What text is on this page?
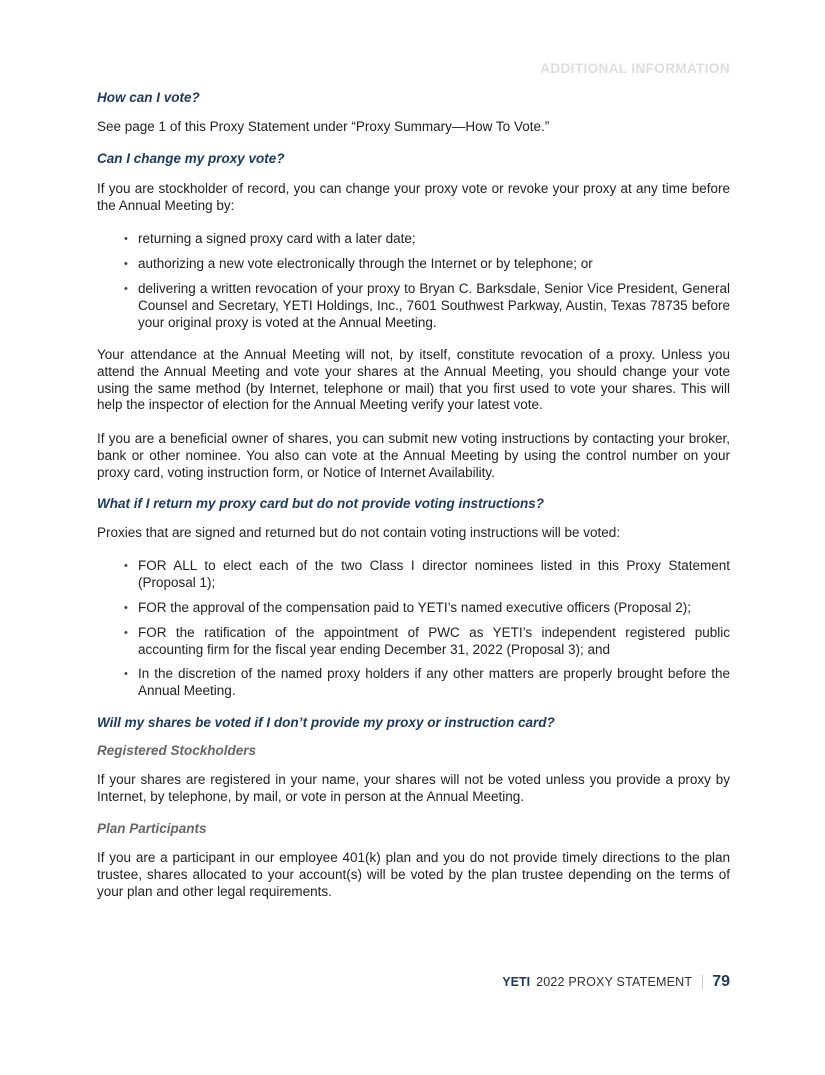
ADDITIONAL INFORMATION
How can I vote?

See page 1 of this Proxy Statement under “Proxy Summary—How To Vote.”

Can I change my proxy vote?

If you are stockholder of record, you can change your proxy vote or revoke your proxy at any time before the Annual Meeting by:

• returning a signed proxy card with a later date;
• authorizing a new vote electronically through the Internet or by telephone; or
• delivering a written revocation of your proxy to Bryan C. Barksdale, Senior Vice President, General Counsel and Secretary, YETI Holdings, Inc., 7601 Southwest Parkway, Austin, Texas 78735 before your original proxy is voted at the Annual Meeting.

Your attendance at the Annual Meeting will not, by itself, constitute revocation of a proxy. Unless you attend the Annual Meeting and vote your shares at the Annual Meeting, you should change your vote using the same method (by Internet, telephone or mail) that you first used to vote your shares. This will help the inspector of election for the Annual Meeting verify your latest vote.

If you are a beneficial owner of shares, you can submit new voting instructions by contacting your broker, bank or other nominee. You also can vote at the Annual Meeting by using the control number on your proxy card, voting instruction form, or Notice of Internet Availability.

What if I return my proxy card but do not provide voting instructions?

Proxies that are signed and returned but do not contain voting instructions will be voted:

• FOR ALL to elect each of the two Class I director nominees listed in this Proxy Statement (Proposal 1);
• FOR the approval of the compensation paid to YETI’s named executive officers (Proposal 2);
• FOR the ratification of the appointment of PWC as YETI’s independent registered public accounting firm for the fiscal year ending December 31, 2022 (Proposal 3); and
• In the discretion of the named proxy holders if any other matters are properly brought before the Annual Meeting.
Will my shares be voted if I don’t provide my proxy or instruction card?
Registered Stockholders

If your shares are registered in your name, your shares will not be voted unless you provide a proxy by Internet, by telephone, by mail, or vote in person at the Annual Meeting.

Plan Participants

If you are a participant in our employee 401(k) plan and you do not provide timely directions to the plan trustee, shares allocated to your account(s) will be voted by the plan trustee depending on the terms of your plan and other legal requirements.

YETI 2022 PROXY STATEMENT 79
